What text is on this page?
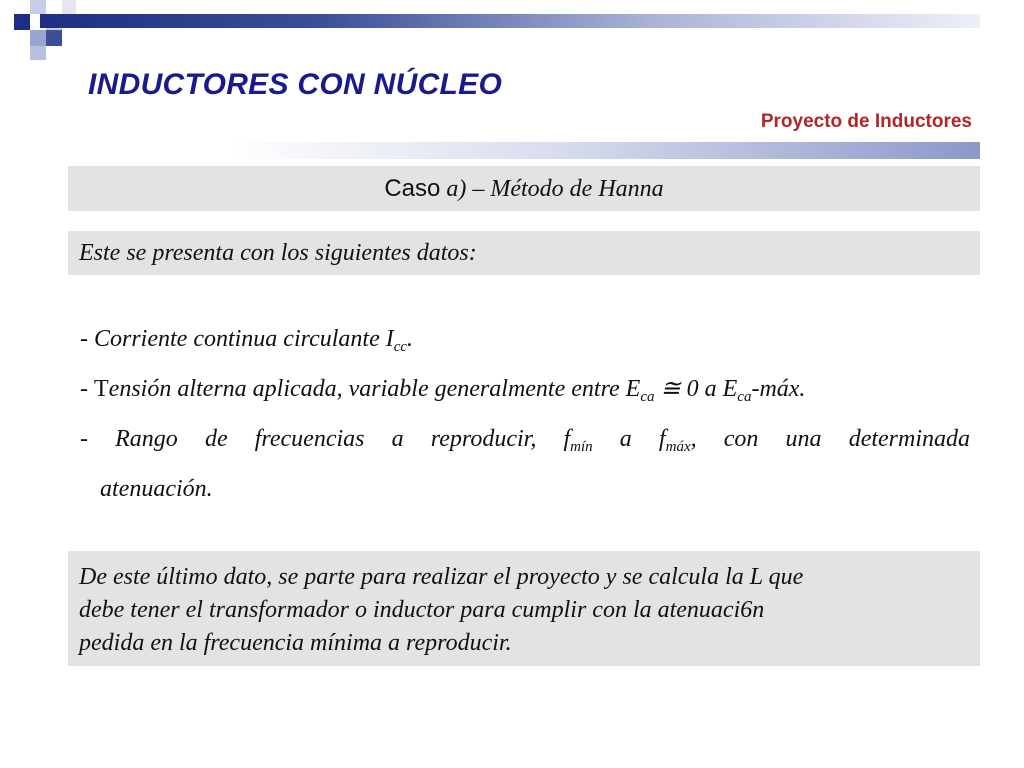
INDUCTORES CON NÚCLEO
Proyecto de Inductores
Caso a) – Método de Hanna
Este se presenta con los siguientes datos:

- Corriente continua circulante $I_{cc}$.

- Tensión alterna aplicada, variable generalmente entre $E_{ca}$ ≅ 0 a $E_{ca}$-máx.

- Rango de frecuencias a reproducir, $f_{mín}$ a $f_{máx}$, con una determinada

atenuación.

De este último dato, se parte para realizar el proyecto y se calcula la L que

debe tener el transformador o inductor para cumplir con la atenuaci6n

pedida en la frecuencia mínima a reproducir.
